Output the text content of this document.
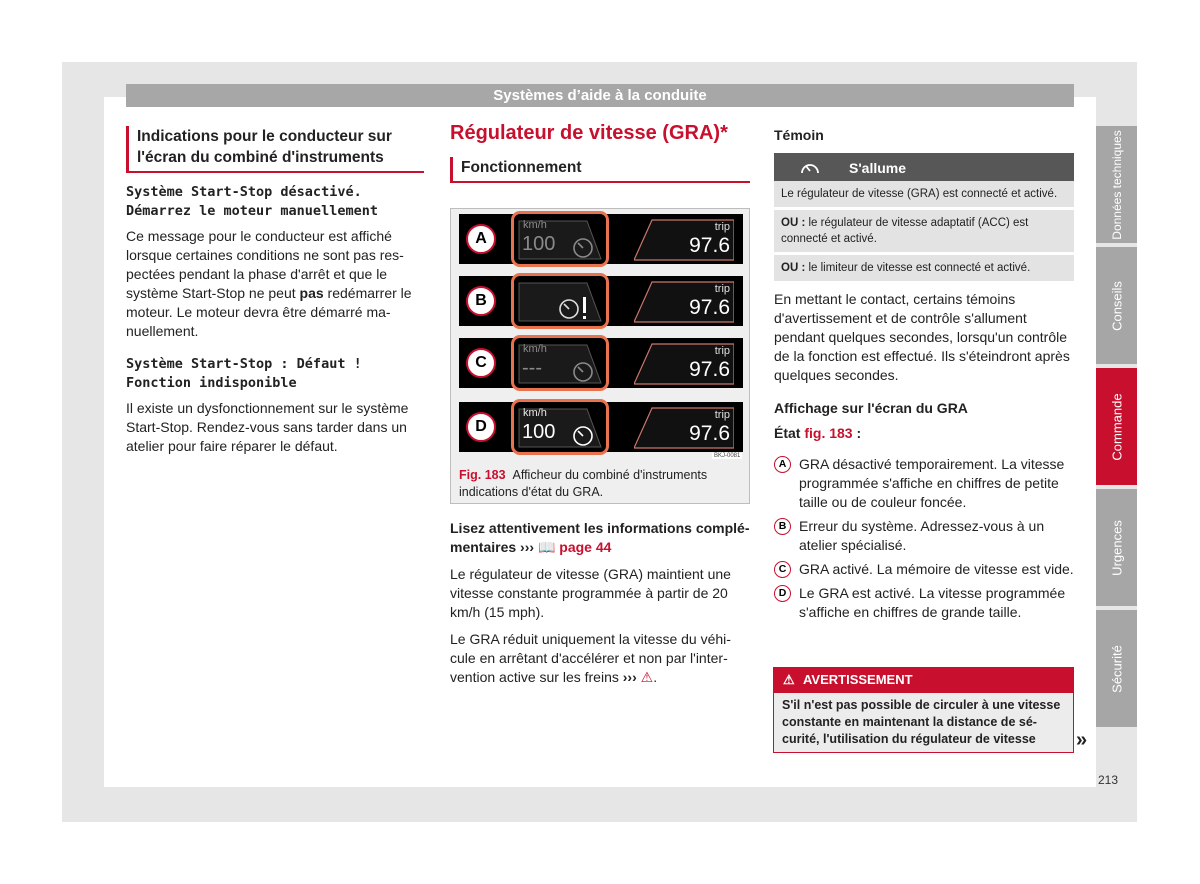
Systèmes d’aide à la conduite
Indications pour le conducteur sur l'écran du combiné d'instruments
Système Start-Stop désactivé. Démarrez le moteur manuellement

Ce message pour le conducteur est affiché lorsque certaines conditions ne sont pas respectées pendant la phase d'arrêt et que le système Start-Stop ne peut pas redémarrer le moteur. Le moteur devra être démarré manuellement.

Système Start-Stop : Défaut ! Fonction indisponible

Il existe un dysfonctionnement sur le système Start-Stop. Rendez-vous sans tarder dans un atelier pour faire réparer le défaut.

Régulateur de vitesse (GRA)*
Fonctionnement
A
km/h
100
trip
97.6
B
trip
97.6
C
km/h
---
trip
97.6
D
km/h
100
trip
97.6
BKJ-0081
Fig. 183 Afficheur du combiné d'instruments indications d'état du GRA.

Lisez attentivement les informations complémentaires ››› 📖 page 44

Le régulateur de vitesse (GRA) maintient une vitesse constante programmée à partir de 20 km/h (15 mph).

Le GRA réduit uniquement la vitesse du véhicule en arrêtant d'accélérer et non par l'intervention active sur les freins ››› ⚠.

Témoin
S'allume
Le régulateur de vitesse (GRA) est connecté et activé.
OU : le régulateur de vitesse adaptatif (ACC) est connecté et activé.
OU : le limiteur de vitesse est connecté et activé.

En mettant le contact, certains témoins d'avertissement et de contrôle s'allument pendant quelques secondes, lorsqu'un contrôle de la fonction est effectué. Ils s'éteindront après quelques secondes.

Affichage sur l'écran du GRA
État fig. 183 :
A GRA désactivé temporairement. La vitesse programmée s'affiche en chiffres de petite taille ou de couleur foncée.
B Erreur du système. Adressez-vous à un atelier spécialisé.
C GRA activé. La mémoire de vitesse est vide.
D Le GRA est activé. La vitesse programmée s'affiche en chiffres de grande taille.
⚠ AVERTISSEMENT
S'il n'est pas possible de circuler à une vitesse constante en maintenant la distance de sécurité, l'utilisation du régulateur de vitesse	»
Données techniques
Conseils
Commande
Urgences
Sécurité
213
